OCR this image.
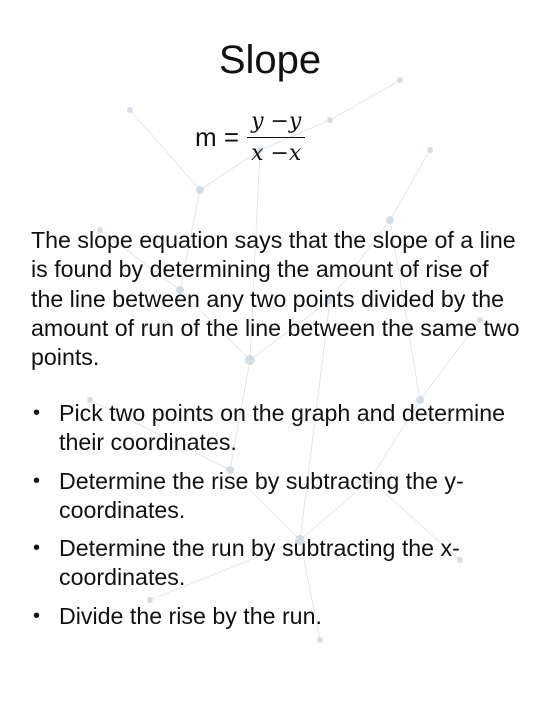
Slope
$m = \frac{y -y}{x -x}$
The slope equation says that the slope of a line is found by determining the amount of rise of the line between any two points divided by the amount of run of the line between the same two points.
• Pick two points on the graph and determine their coordinates.
• Determine the rise by subtracting the y-coordinates.
• Determine the run by subtracting the x-coordinates.
• Divide the rise by the run.
